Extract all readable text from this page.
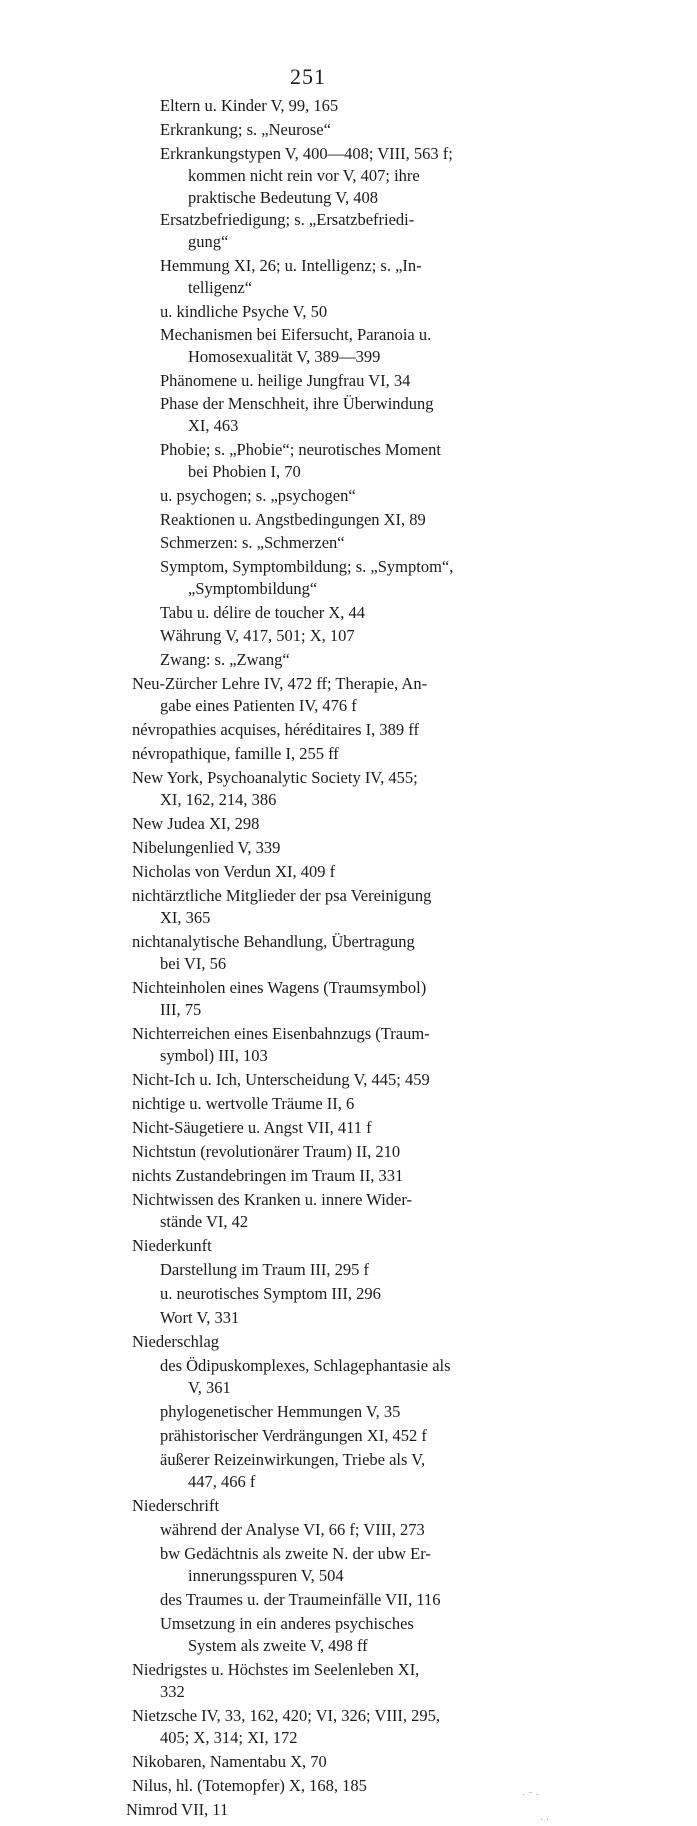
251
Eltern u. Kinder V, 99, 165
Erkrankung; s. „Neurose“
Erkrankungstypen V, 400—408; VIII, 563 f;
kommen nicht rein vor V, 407; ihre
praktische Bedeutung V, 408
Ersatzbefriedigung; s. „Ersatzbefriedi-
gung“
Hemmung XI, 26; u. Intelligenz; s. „In-
telligenz“
u. kindliche Psyche V, 50
Mechanismen bei Eifersucht, Paranoia u.
Homosexualität V, 389—399
Phänomene u. heilige Jungfrau VI, 34
Phase der Menschheit, ihre Überwindung
XI, 463
Phobie; s. „Phobie“; neurotisches Moment
bei Phobien I, 70
u. psychogen; s. „psychogen“
Reaktionen u. Angstbedingungen XI, 89
Schmerzen: s. „Schmerzen“
Symptom, Symptombildung; s. „Symptom“,
„Symptombildung“
Tabu u. délire de toucher X, 44
Währung V, 417, 501; X, 107
Zwang: s. „Zwang“
Neu-Zürcher Lehre IV, 472 ff; Therapie, An-
gabe eines Patienten IV, 476 f
névropathies acquises, héréditaires I, 389 ff
névropathique, famille I, 255 ff
New York, Psychoanalytic Society IV, 455;
XI, 162, 214, 386
New Judea XI, 298
Nibelungenlied V, 339
Nicholas von Verdun XI, 409 f
nichtärztliche Mitglieder der psa Vereinigung
XI, 365
nichtanalytische Behandlung, Übertragung
bei VI, 56
Nichteinholen eines Wagens (Traumsymbol)
III, 75
Nichterreichen eines Eisenbahnzugs (Traum-
symbol) III, 103
Nicht-Ich u. Ich, Unterscheidung V, 445; 459
nichtige u. wertvolle Träume II, 6
Nicht-Säugetiere u. Angst VII, 411 f
Nichtstun (revolutionärer Traum) II, 210
nichts Zustandebringen im Traum II, 331
Nichtwissen des Kranken u. innere Wider-
stände VI, 42
Niederkunft
Darstellung im Traum III, 295 f
u. neurotisches Symptom III, 296
Wort V, 331
Niederschlag
des Ödipuskomplexes, Schlagephantasie als
V, 361
phylogenetischer Hemmungen V, 35
prähistorischer Verdrängungen XI, 452 f
äußerer Reizeinwirkungen, Triebe als V,
447, 466 f
Niederschrift
während der Analyse VI, 66 f; VIII, 273
bw Gedächtnis als zweite N. der ubw Er-
innerungsspuren V, 504
des Traumes u. der Traumeinfälle VII, 116
Umsetzung in ein anderes psychisches
System als zweite V, 498 ff
Niedrigstes u. Höchstes im Seelenleben XI,
332
Nietzsche IV, 33, 162, 420; VI, 326; VIII, 295,
405; X, 314; XI, 172
Nikobaren, Namentabu X, 70
Nilus, hl. (Totemopfer) X, 168, 185
Nimrod VII, 11
· ⁻ ·
· ·
